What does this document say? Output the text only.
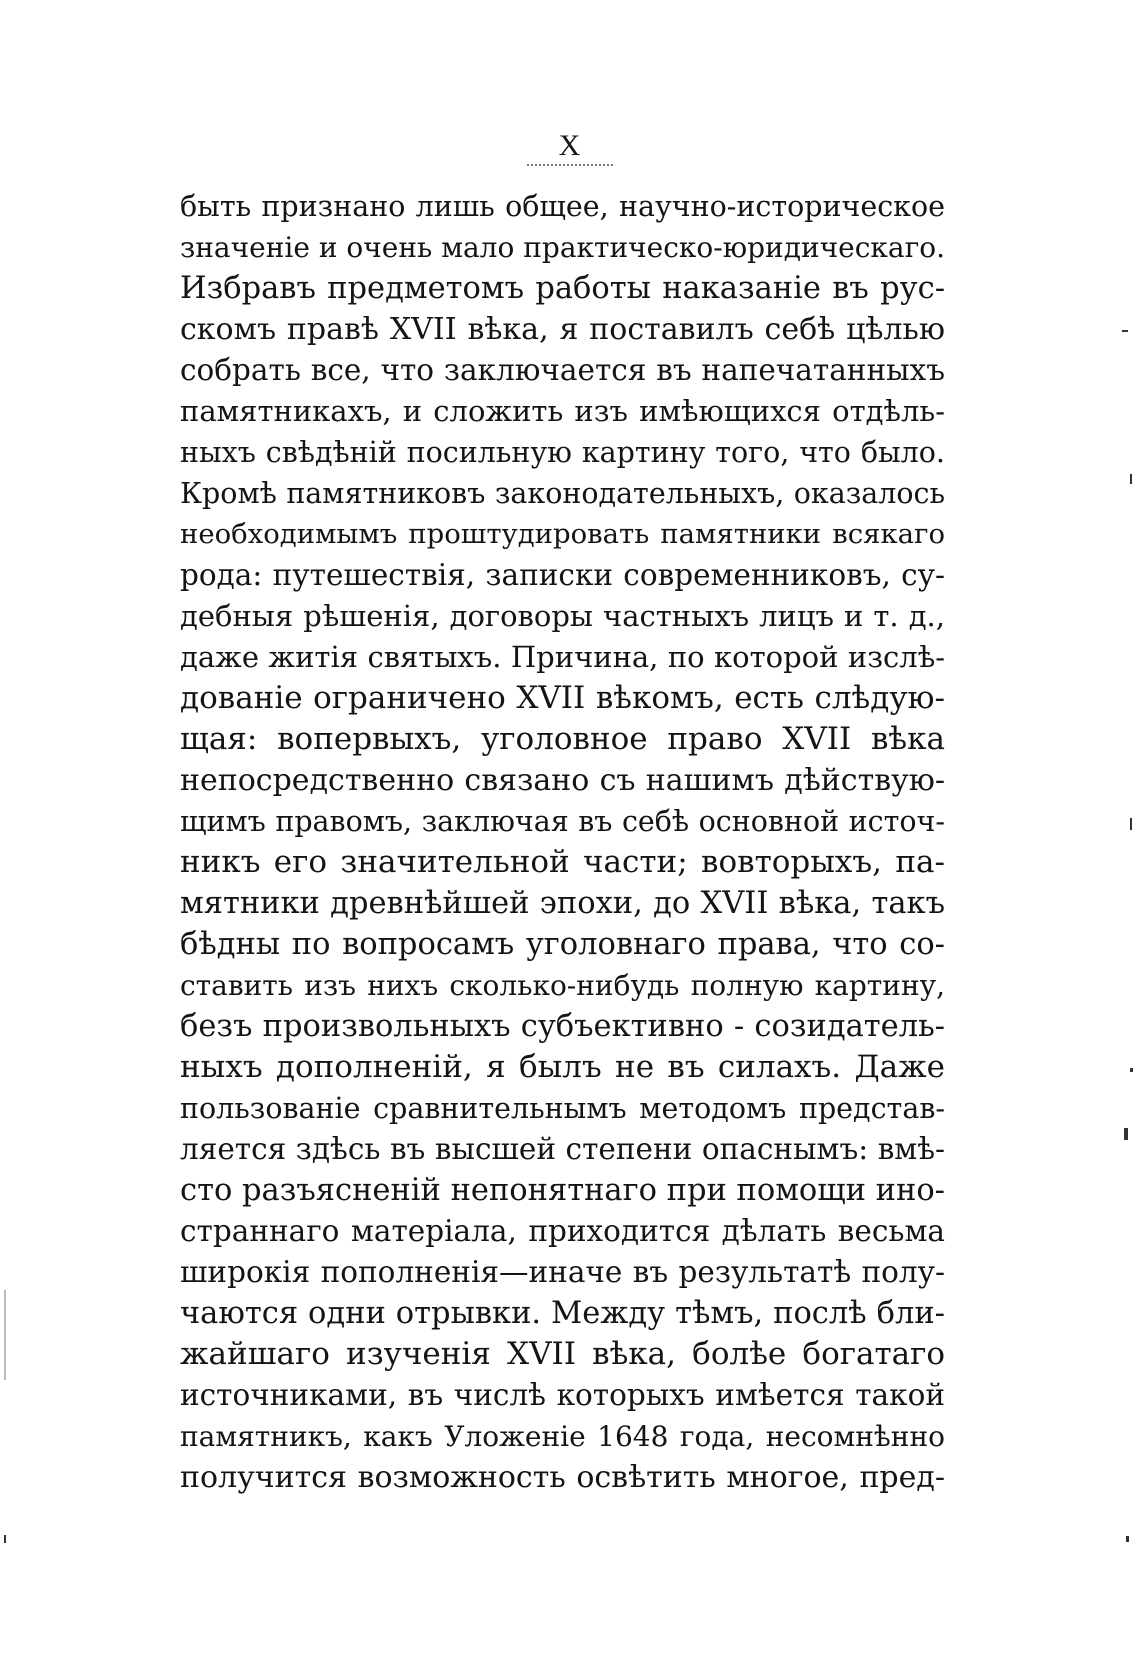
X
быть признано лишь общее, научно-историческое
значенiе и очень мало практическо-юридическаго.
Избравъ предметомъ работы наказанiе въ рус-
скомъ правѣ XVII вѣка, я поставилъ себѣ цѣлью
собрать все, что заключается въ напечатанныхъ
памятникахъ, и сложить изъ имѣющихся отдѣль-
ныхъ свѣдѣнiй посильную картину того, что было.
Кромѣ памятниковъ законодательныхъ, оказалось
необходимымъ проштудировать памятники всякаго
рода: путешествiя, записки современниковъ, су-
дебныя рѣшенiя, договоры частныхъ лицъ и т. д.,
даже житiя святыхъ. Причина, по которой изслѣ-
дованiе ограничено XVII вѣкомъ, есть слѣдую-
щая: вопервыхъ, уголовное право XVII вѣка
непосредственно связано съ нашимъ дѣйствую-
щимъ правомъ, заключая въ себѣ основной источ-
никъ его значительной части; вовторыхъ, па-
мятники древнѣйшей эпохи, до XVII вѣка, такъ
бѣдны по вопросамъ уголовнаго права, что со-
ставить изъ нихъ сколько-нибудь полную картину,
безъ произвольныхъ субъективно - созидатель-
ныхъ дополненiй, я былъ не въ силахъ. Даже
пользованiе сравнительнымъ методомъ представ-
ляется здѣсь въ высшей степени опаснымъ: вмѣ-
сто разъясненiй непонятнаго при помощи ино-
страннаго матерiала, приходится дѣлать весьма
широкiя пополненiя—иначе въ результатѣ полу-
чаются одни отрывки. Между тѣмъ, послѣ бли-
жайшаго изученiя XVII вѣка, болѣе богатаго
источниками, въ числѣ которыхъ имѣется такой
памятникъ, какъ Уложенiе 1648 года, несомнѣнно
получится возможность освѣтить многое, пред-
